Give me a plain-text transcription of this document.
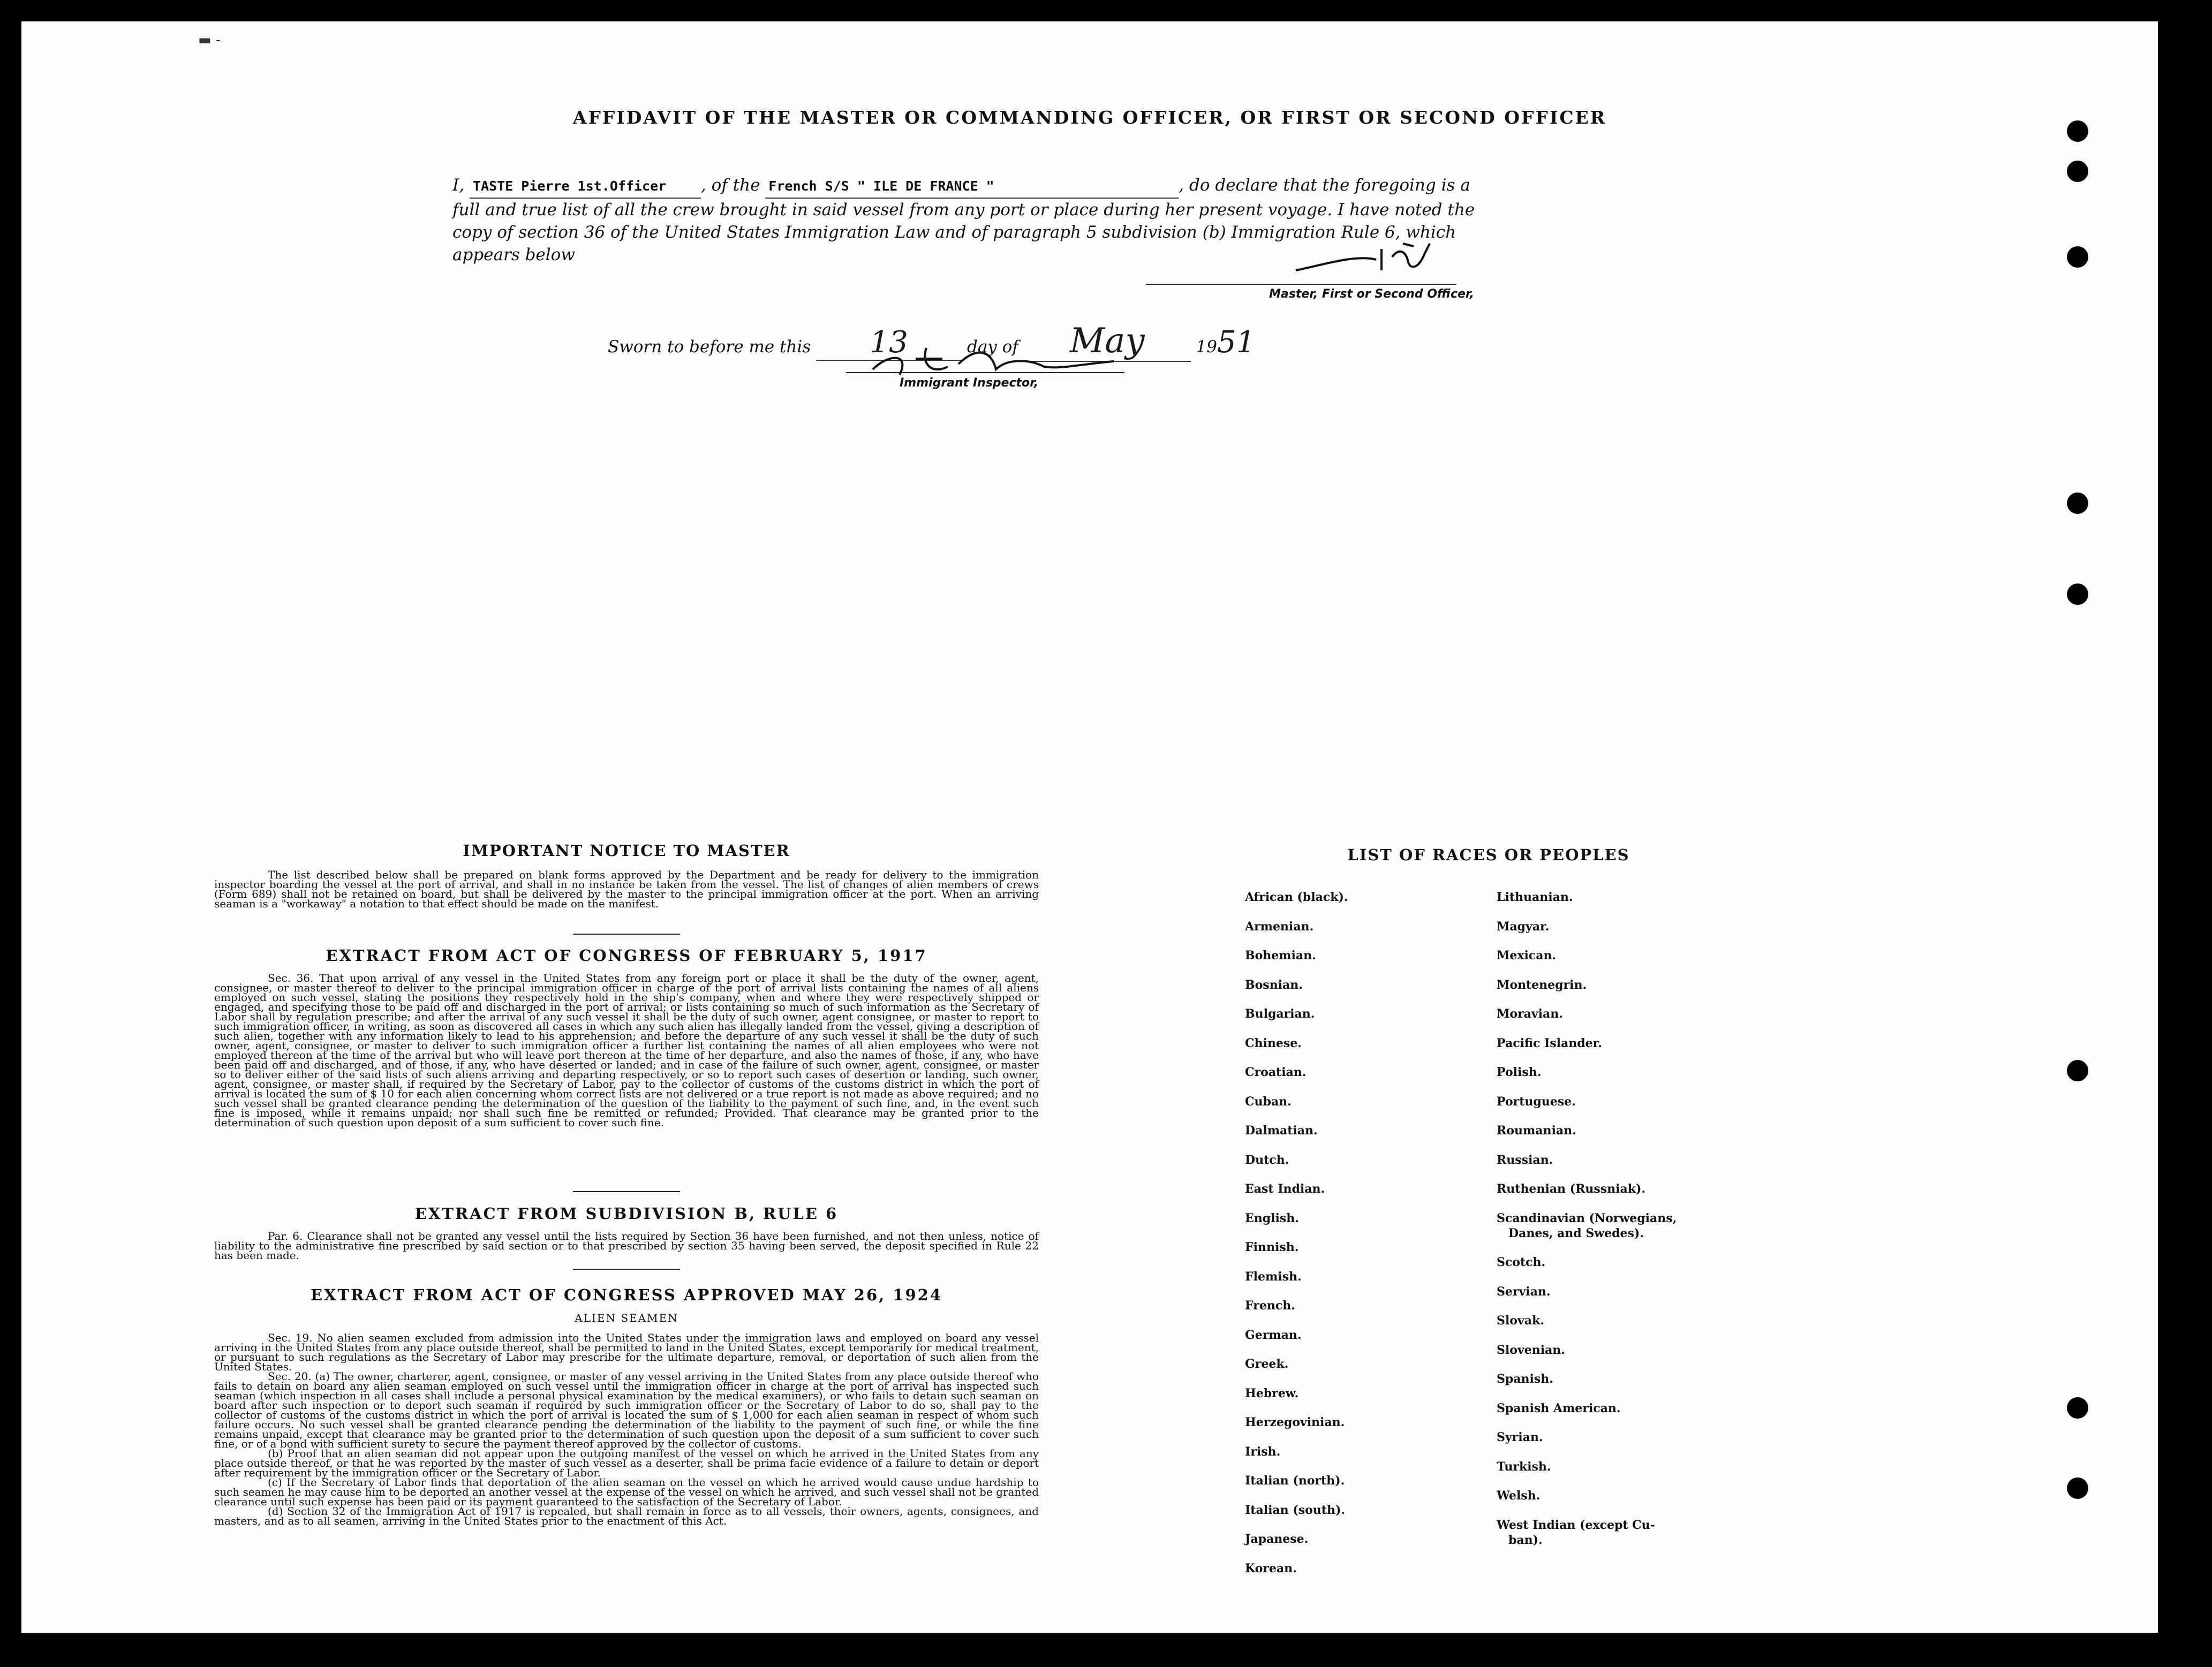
▬ ‐
AFFIDAVIT OF THE MASTER OR COMMANDING OFFICER, OR FIRST OR SECOND OFFICER
I, TASTE Pierre 1st.Officer , of the French S/S " ILE DE FRANCE "	, do declare that the foregoing is a full and true list of all the crew brought in said vessel from any port or place during her present voyage. I have noted the copy of section 36 of the United States Immigration Law and of paragraph 5 subdivision (b) Immigration Rule 6, which appears below
Master, First or Second Officer,
Sworn to before me this 13	day of May	1951
Immigrant Inspector,
IMPORTANT NOTICE TO MASTER
The list described below shall be prepared on blank forms approved by the Department and be ready for delivery to the immigration inspector boarding the vessel at the port of arrival, and shall in no instance be taken from the vessel. The list of changes of alien members of crews (Form 689) shall not be retained on board, but shall be delivered by the master to the principal immigration officer at the port. When an arriving seaman is a "workaway" a notation to that effect should be made on the manifest.
EXTRACT FROM ACT OF CONGRESS OF FEBRUARY 5, 1917

Sec. 36. That upon arrival of any vessel in the United States from any foreign port or place it shall be the duty of the owner, agent, consignee, or master thereof to deliver to the principal immigration officer in charge of the port of arrival lists containing the names of all aliens employed on such vessel, stating the positions they respectively hold in the ship's company, when and where they were respectively shipped or engaged, and specifying those to be paid off and discharged in the port of arrival; or lists containing so much of such information as the Secretary of Labor shall by regulation prescribe; and after the arrival of any such vessel it shall be the duty of such owner, agent consignee, or master to report to such immigration officer, in writing, as soon as discovered all cases in which any such alien has illegally landed from the vessel, giving a description of such alien, together with any information likely to lead to his apprehension; and before the departure of any such vessel it shall be the duty of such owner, agent, consignee, or master to deliver to such immigration officer a further list containing the names of all alien employees who were not employed thereon at the time of the arrival but who will leave port thereon at the time of her departure, and also the names of those, if any, who have been paid off and discharged, and of those, if any, who have deserted or landed; and in case of the failure of such owner, agent, consignee, or master so to deliver either of the said lists of such aliens arriving and departing respectively, or so to report such cases of desertion or landing, such owner, agent, consignee, or master shall, if required by the Secretary of Labor, pay to the collector of customs of the customs district in which the port of arrival is located the sum of $ 10 for each alien concerning whom correct lists are not delivered or a true report is not made as above required; and no such vessel shall be granted clearance pending the determination of the question of the liability to the payment of such fine, and, in the event such fine is imposed, while it remains unpaid; nor shall such fine be remitted or refunded; Provided. That clearance may be granted prior to the determination of such question upon deposit of a sum sufficient to cover such fine.

EXTRACT FROM SUBDIVISION B, RULE 6

Par. 6. Clearance shall not be granted any vessel until the lists required by Section 36 have been furnished, and not then unless, notice of liability to the administrative fine prescribed by said section or to that prescribed by section 35 having been served, the deposit specified in Rule 22 has been made.

EXTRACT FROM ACT OF CONGRESS APPROVED MAY 26, 1924
ALIEN SEAMEN

Sec. 19. No alien seamen excluded from admission into the United States under the immigration laws and employed on board any vessel arriving in the United States from any place outside thereof, shall be permitted to land in the United States, except temporarily for medical treatment, or pursuant to such regulations as the Secretary of Labor may prescribe for the ultimate departure, removal, or deportation of such alien from the United States.

Sec. 20. (a) The owner, charterer, agent, consignee, or master of any vessel arriving in the United States from any place outside thereof who fails to detain on board any alien seaman employed on such vessel until the immigration officer in charge at the port of arrival has inspected such seaman (which inspection in all cases shall include a personal physical examination by the medical examiners), or who fails to detain such seaman on board after such inspection or to deport such seaman if required by such immigration officer or the Secretary of Labor to do so, shall pay to the collector of customs of the customs district in which the port of arrival is located the sum of $ 1,000 for each alien seaman in respect of whom such failure occurs. No such vessel shall be granted clearance pending the determination of the liability to the payment of such fine, or while the fine remains unpaid, except that clearance may be granted prior to the determination of such question upon the deposit of a sum sufficient to cover such fine, or of a bond with sufficient surety to secure the payment thereof approved by the collector of customs.

(b) Proof that an alien seaman did not appear upon the outgoing manifest of the vessel on which he arrived in the United States from any place outside thereof, or that he was reported by the master of such vessel as a deserter, shall be prima facie evidence of a failure to detain or deport after requirement by the immigration officer or the Secretary of Labor.

(c) If the Secretary of Labor finds that deportation of the alien seaman on the vessel on which he arrived would cause undue hardship to such seamen he may cause him to be deported an another vessel at the expense of the vessel on which he arrived, and such vessel shall not be granted clearance until such expense has been paid or its payment guaranteed to the satisfaction of the Secretary of Labor.

(d) Section 32 of the Immigration Act of 1917 is repealed, but shall remain in force as to all vessels, their owners, agents, consignees, and masters, and as to all seamen, arriving in the United States prior to the enactment of this Act.

LIST OF RACES OR PEOPLES
African (black).
Armenian.
Bohemian.
Bosnian.
Bulgarian.
Chinese.
Croatian.
Cuban.
Dalmatian.
Dutch.
East Indian.
English.
Finnish.
Flemish.
French.
German.
Greek.
Hebrew.
Herzegovinian.
Irish.
Italian (north).
Italian (south).
Japanese.
Korean.
Lithuanian.
Magyar.
Mexican.
Montenegrin.
Moravian.
Pacific Islander.
Polish.
Portuguese.
Roumanian.
Russian.
Ruthenian (Russniak).
Scandinavian (Norwegians,
Danes, and Swedes).
Scotch.
Servian.
Slovak.
Slovenian.
Spanish.
Spanish American.
Syrian.
Turkish.
Welsh.
West Indian (except Cu-
ban).
